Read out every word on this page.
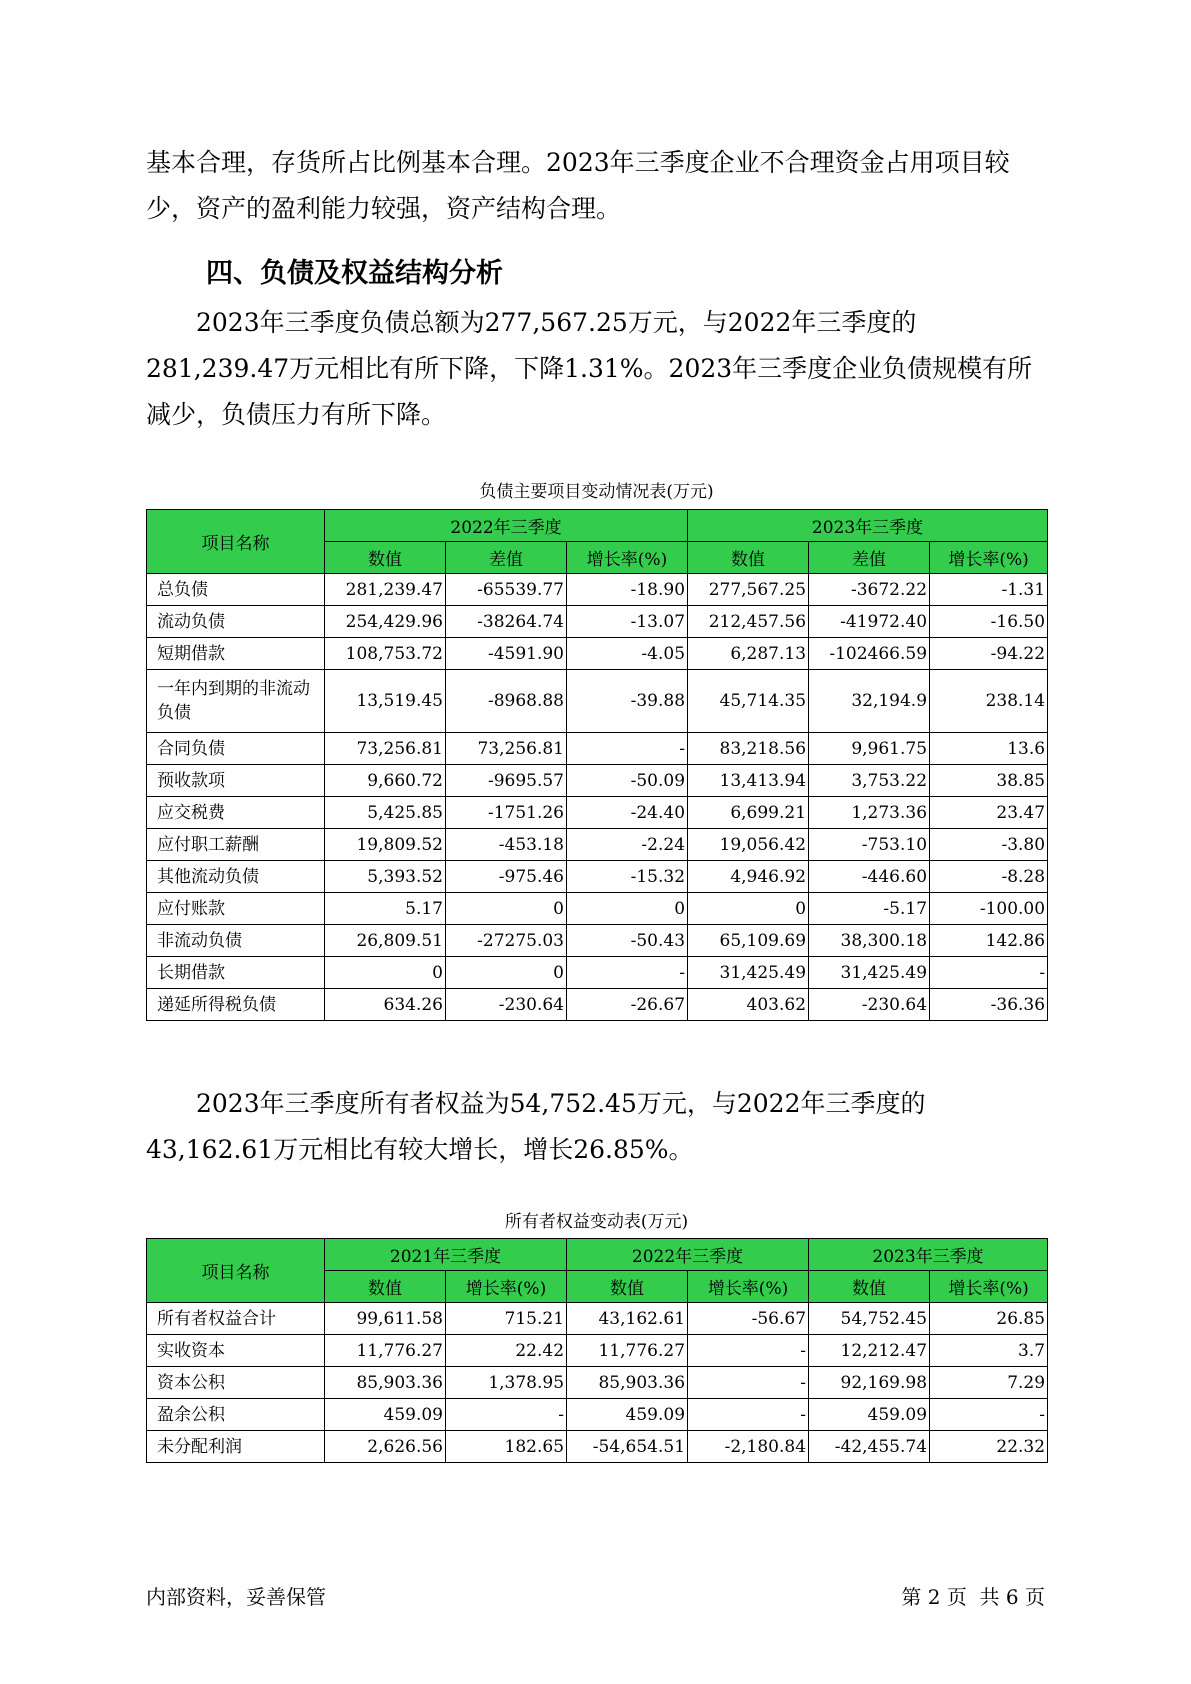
基本合理，存货所占比例基本合理。2023年三季度企业不合理资金占用项目较少，资产的盈利能力较强，资产结构合理。

四、负债及权益结构分析

2023年三季度负债总额为277,567.25万元，与2022年三季度的281,239.47万元相比有所下降，下降1.31%。2023年三季度企业负债规模有所减少，负债压力有所下降。

负债主要项目变动情况表(万元)
项目名称	2022年三季度			2023年三季度		
	数值	差值	增长率(%)	数值	差值	增长率(%)
总负债	281,239.47	-65539.77	-18.90	277,567.25	-3672.22	-1.31
流动负债	254,429.96	-38264.74	-13.07	212,457.56	-41972.40	-16.50
短期借款	108,753.72	-4591.90	-4.05	6,287.13	-102466.59	-94.22
一年内到期的非流动负债	13,519.45	-8968.88	-39.88	45,714.35	32,194.9	238.14
合同负债	73,256.81	73,256.81	-	83,218.56	9,961.75	13.6
预收款项	9,660.72	-9695.57	-50.09	13,413.94	3,753.22	38.85
应交税费	5,425.85	-1751.26	-24.40	6,699.21	1,273.36	23.47
应付职工薪酬	19,809.52	-453.18	-2.24	19,056.42	-753.10	-3.80
其他流动负债	5,393.52	-975.46	-15.32	4,946.92	-446.60	-8.28
应付账款	5.17	0	0	0	-5.17	-100.00
非流动负债	26,809.51	-27275.03	-50.43	65,109.69	38,300.18	142.86
长期借款	0	0	-	31,425.49	31,425.49	-
递延所得税负债	634.26	-230.64	-26.67	403.62	-230.64	-36.36

2023年三季度所有者权益为54,752.45万元，与2022年三季度的43,162.61万元相比有较大增长，增长26.85%。

所有者权益变动表(万元)
项目名称	2021年三季度		2022年三季度		2023年三季度	
	数值	增长率(%)	数值	增长率(%)	数值	增长率(%)
所有者权益合计	99,611.58	715.21	43,162.61	-56.67	54,752.45	26.85
实收资本	11,776.27	22.42	11,776.27	-	12,212.47	3.7
资本公积	85,903.36	1,378.95	85,903.36	-	92,169.98	7.29
盈余公积	459.09	-	459.09	-	459.09	-
未分配利润	2,626.56	182.65	-54,654.51	-2,180.84	-42,455.74	22.32
内部资料，妥善保管	第 2 页  共 6 页
